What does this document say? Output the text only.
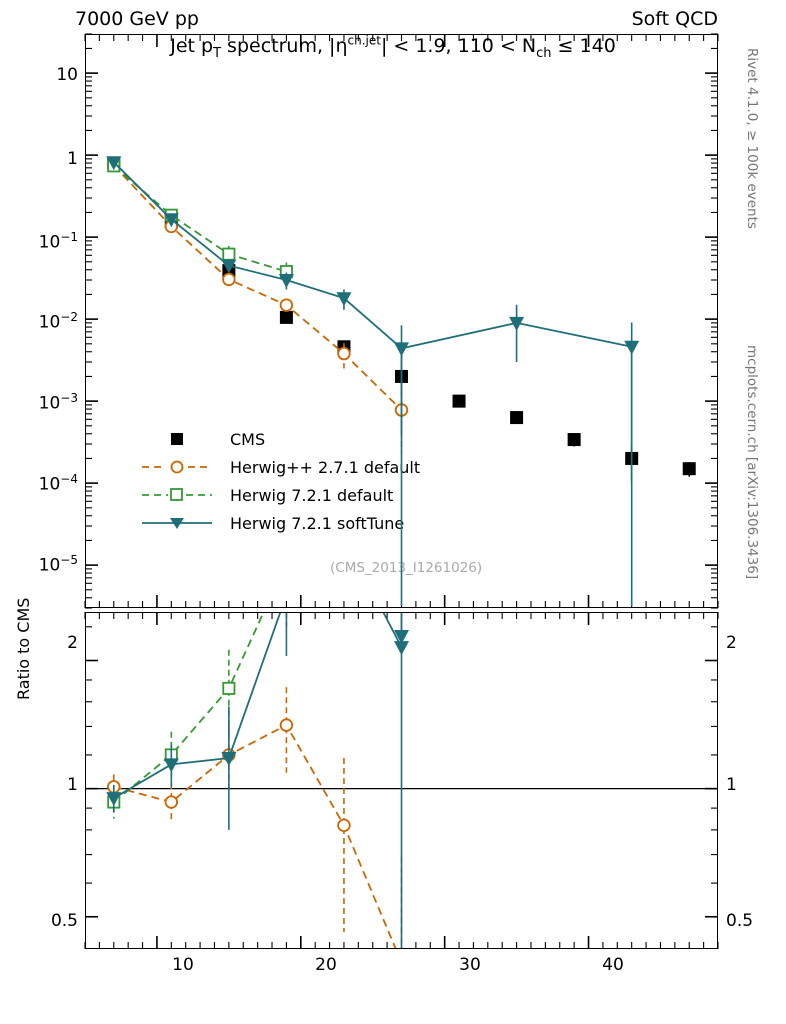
7000 GeV pp	Soft QCD
Jet $p_T$ spectrum, $|\eta^{ch.jet}| < 1.9$, $110 < N_{ch} \le 140$
Rivet 4.1.0, ≥ 100k events
mcplots.cern.ch [arXiv:1306.3436]
(CMS_2013_I1261026)
Ratio to CMS
10
1
$10^{-1}$
$10^{-2}$
$10^{-3}$
$10^{-4}$
$10^{-5}$
2
1
0.5
2
1
0.5
10	20	30	40
CMS
Herwig++ 2.7.1 default
Herwig 7.2.1 default
Herwig 7.2.1 softTune
